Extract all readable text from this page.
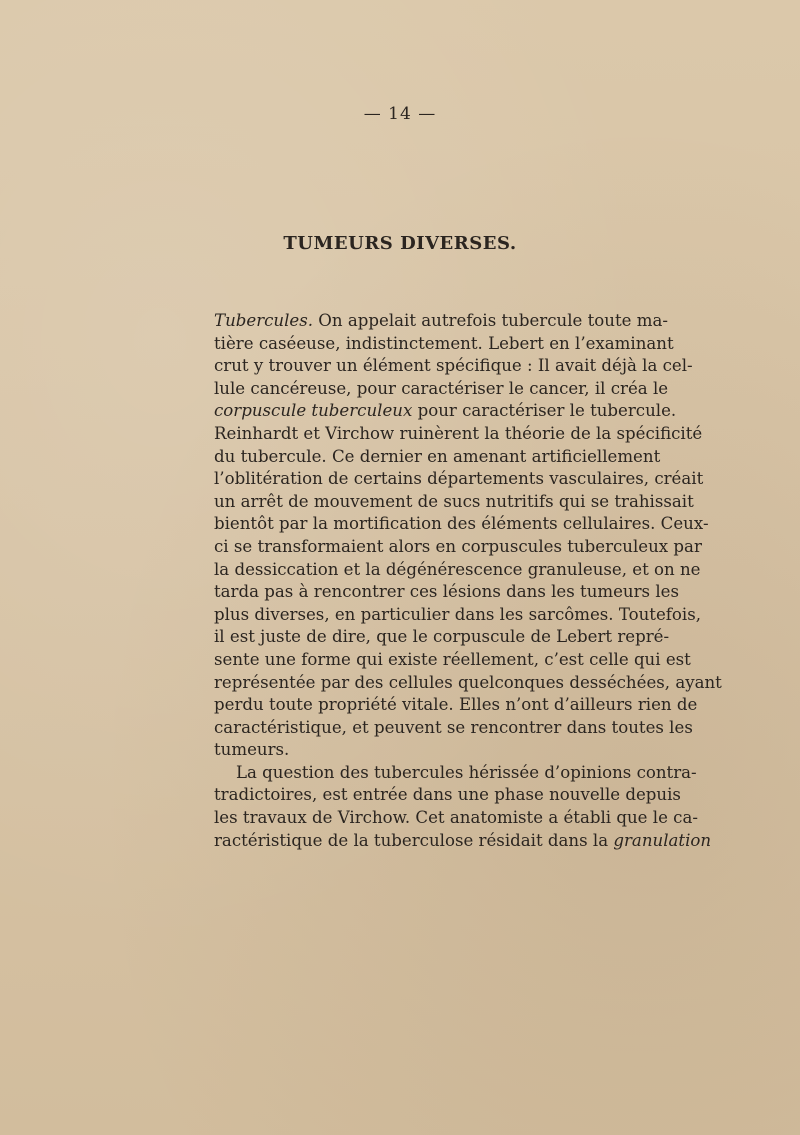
— 14 —
TUMEURS DIVERSES.
Tubercules. On appelait autrefois tubercule toute ma-
tière caséeuse, indistinctement. Lebert en l’examinant
crut y trouver un élément spécifique : Il avait déjà la cel-
lule cancéreuse, pour caractériser le cancer, il créa le
corpuscule tuberculeux pour caractériser le tubercule.
Reinhardt et Virchow ruinèrent la théorie de la spécificité
du tubercule. Ce dernier en amenant artificiellement
l’oblitération de certains départements vasculaires, créait
un arrêt de mouvement de sucs nutritifs qui se trahissait
bientôt par la mortification des éléments cellulaires. Ceux-
ci se transformaient alors en corpuscules tuberculeux par
la dessiccation et la dégénérescence granuleuse, et on ne
tarda pas à rencontrer ces lésions dans les tumeurs les
plus diverses, en particulier dans les sarcômes. Toutefois,
il est juste de dire, que le corpuscule de Lebert repré-
sente une forme qui existe réellement, c’est celle qui est
représentée par des cellules quelconques desséchées, ayant
perdu toute propriété vitale. Elles n’ont d’ailleurs rien de
caractéristique, et peuvent se rencontrer dans toutes les
tumeurs.
La question des tubercules hérissée d’opinions contra-
tradictoires, est entrée dans une phase nouvelle depuis
les travaux de Virchow. Cet anatomiste a établi que le ca-
ractéristique de la tuberculose résidait dans la granulation
